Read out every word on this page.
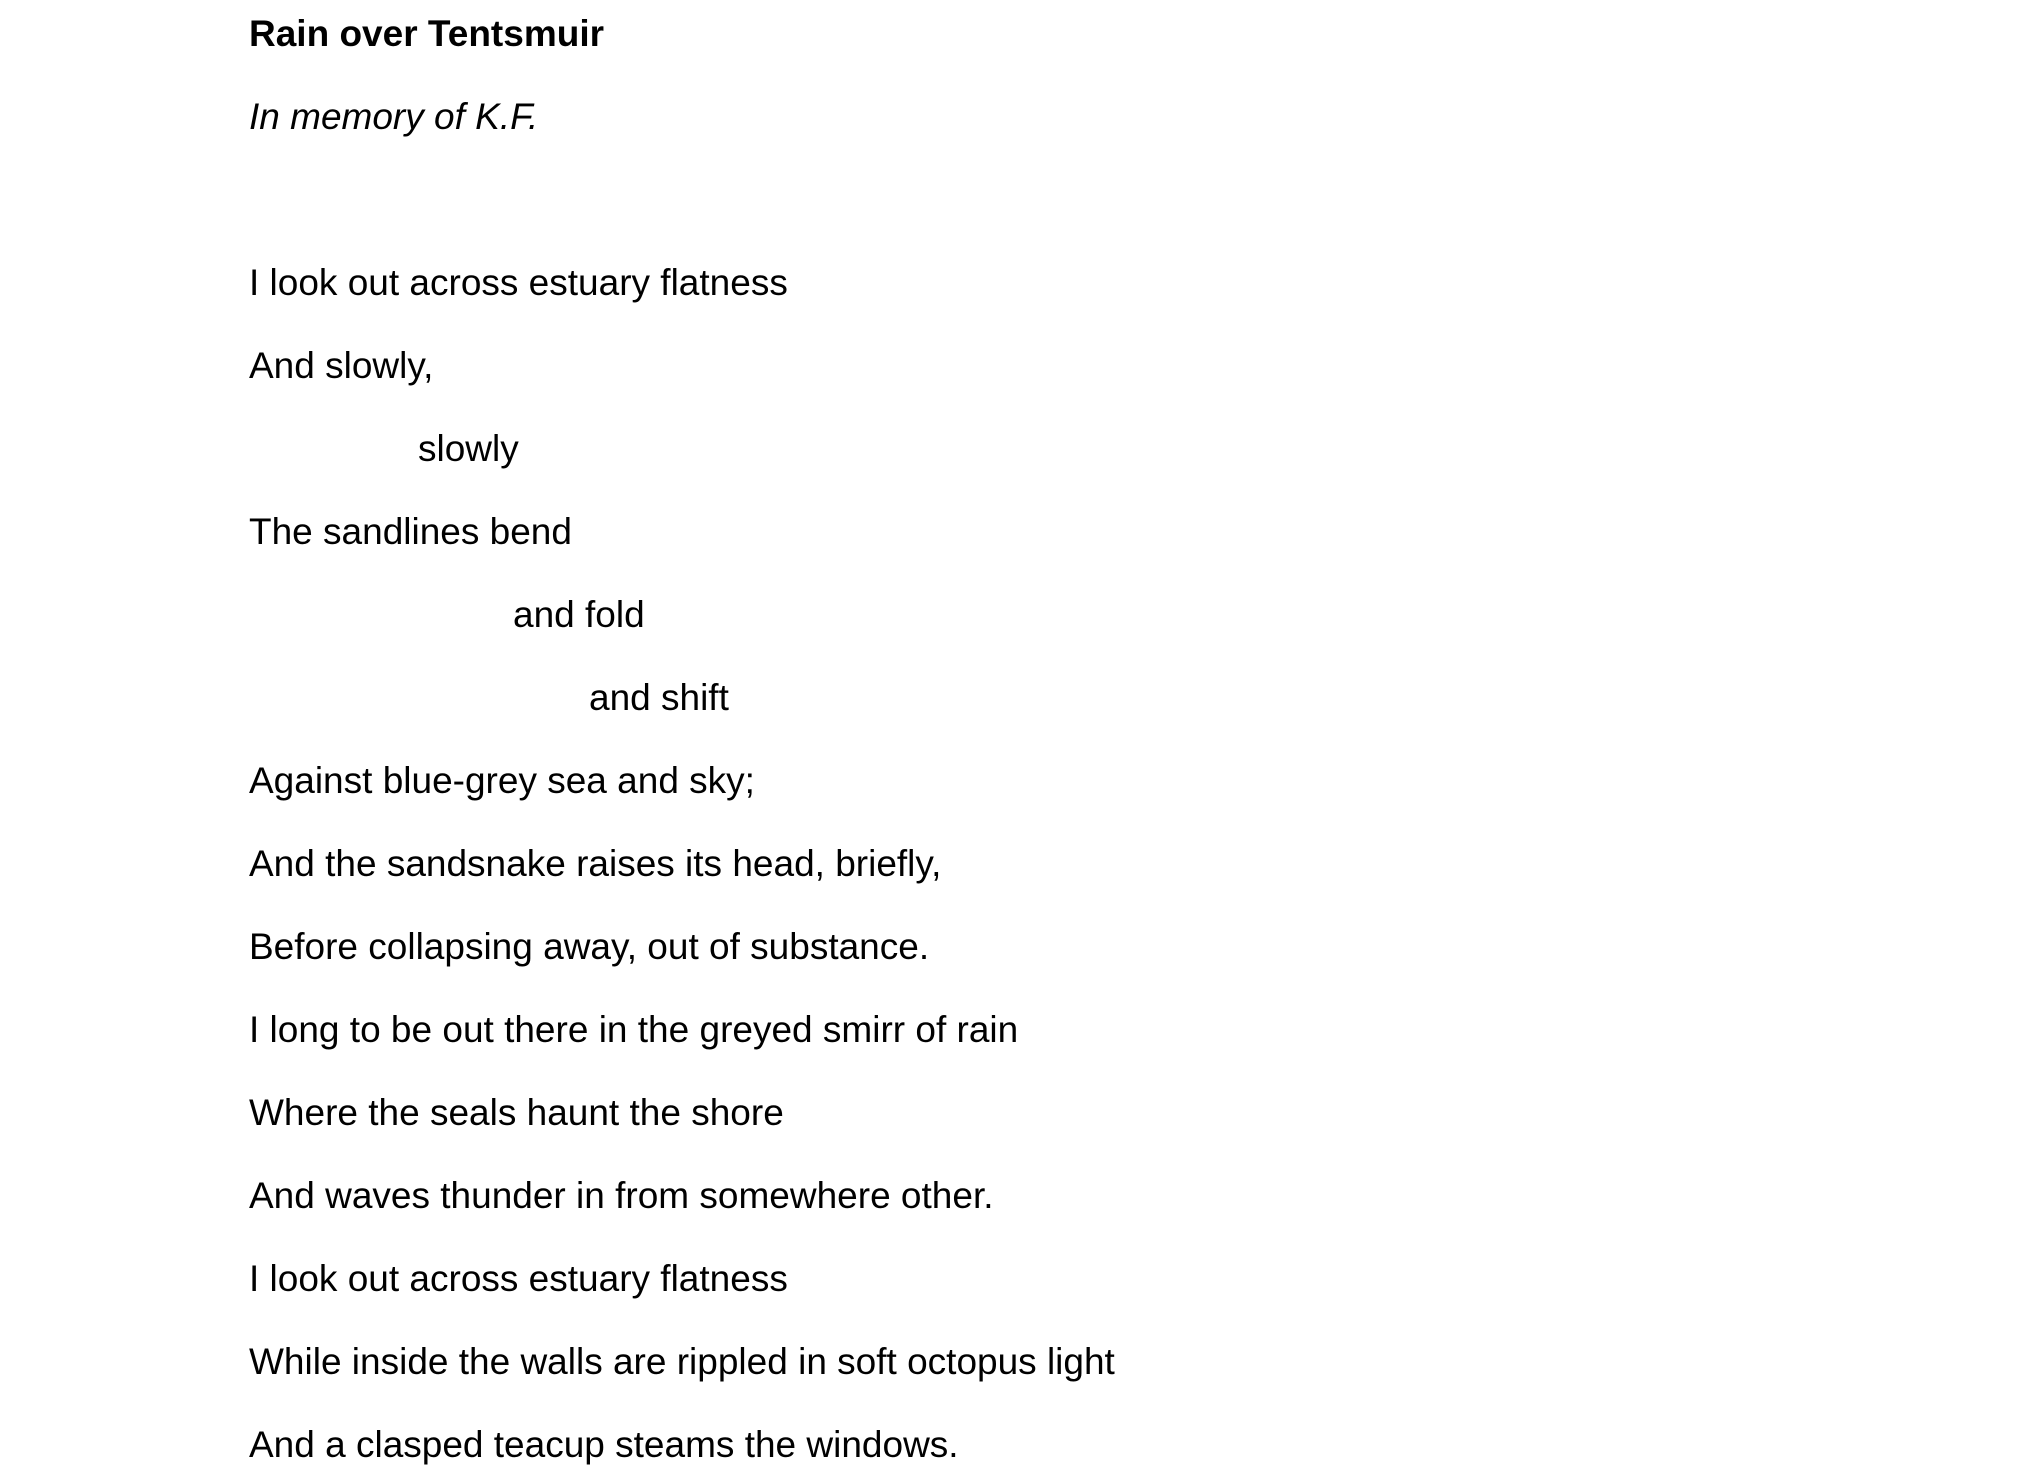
Rain over Tentsmuir

In memory of K.F.

I look out across estuary flatness

And slowly,

slowly

The sandlines bend

and fold

and shift

Against blue-grey sea and sky;

And the sandsnake raises its head, briefly,

Before collapsing away, out of substance.

I long to be out there in the greyed smirr of rain

Where the seals haunt the shore

And waves thunder in from somewhere other.

I look out across estuary flatness

While inside the walls are rippled in soft octopus light

And a clasped teacup steams the windows.
